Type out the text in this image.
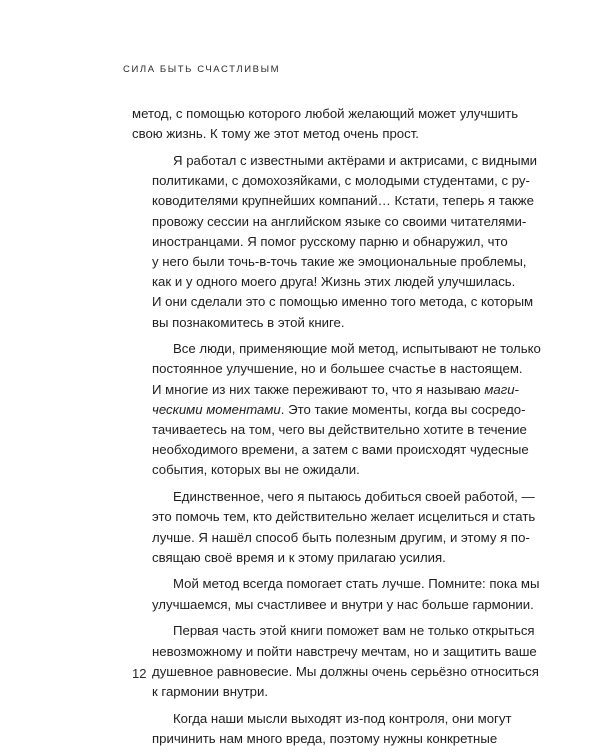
СИЛА БЫТЬ СЧАСТЛИВЫМ
метод, с помощью которого любой желающий может улучшить
свою жизнь. К тому же этот метод очень прост.
Я работал с известными актёрами и актрисами, с видными
политиками, с домохозяйками, с молодыми студентами, с ру-
ководителями крупнейших компаний… Кстати, теперь я также
провожу сессии на английском языке со своими читателями-
иностранцами. Я помог русскому парню и обнаружил, что
у него были точь-в-точь такие же эмоциональные проблемы,
как и у одного моего друга! Жизнь этих людей улучшилась.
И они сделали это с помощью именно того метода, с которым
вы познакомитесь в этой книге.
Все люди, применяющие мой метод, испытывают не только
постоянное улучшение, но и большее счастье в настоящем.
И многие из них также переживают то, что я называю маги-
ческими моментами. Это такие моменты, когда вы сосредо-
тачиваетесь на том, чего вы действительно хотите в течение
необходимого времени, а затем с вами происходят чудесные
события, которых вы не ожидали.
Единственное, чего я пытаюсь добиться своей работой, —
это помочь тем, кто действительно желает исцелиться и стать
лучше. Я нашёл способ быть полезным другим, и этому я по-
свящаю своё время и к этому прилагаю усилия.
Мой метод всегда помогает стать лучше. Помните: пока мы
улучшаемся, мы счастливее и внутри у нас больше гармонии.
Первая часть этой книги поможет вам не только открыться
невозможному и пойти навстречу мечтам, но и защитить ваше
душевное равновесие. Мы должны очень серьёзно относиться
к гармонии внутри.
Когда наши мысли выходят из-под контроля, они могут
причинить нам много вреда, поэтому нужны конкретные
12
